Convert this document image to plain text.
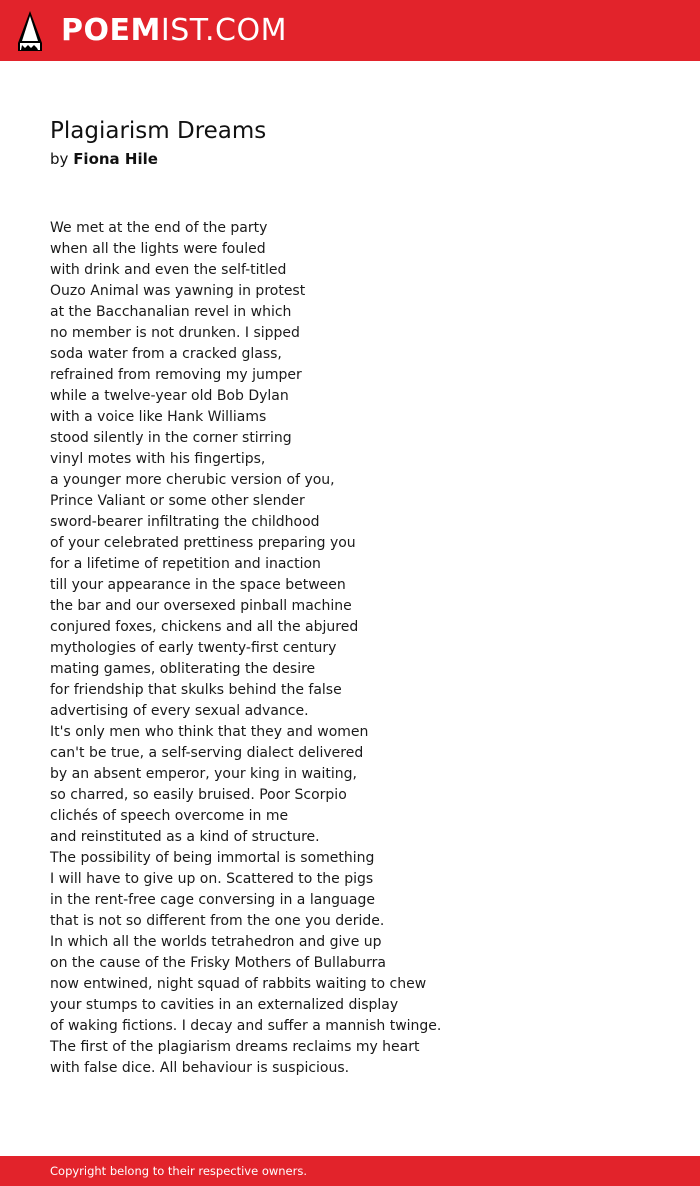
POEMIST.COM
Plagiarism Dreams
by Fiona Hile
We met at the end of the party
when all the lights were fouled
with drink and even the self-titled
Ouzo Animal was yawning in protest
at the Bacchanalian revel in which
no member is not drunken. I sipped
soda water from a cracked glass,
refrained from removing my jumper
while a twelve-year old Bob Dylan
with a voice like Hank Williams
stood silently in the corner stirring
vinyl motes with his fingertips,
a younger more cherubic version of you,
Prince Valiant or some other slender
sword-bearer infiltrating the childhood
of your celebrated prettiness preparing you
for a lifetime of repetition and inaction
till your appearance in the space between
the bar and our oversexed pinball machine
conjured foxes, chickens and all the abjured
mythologies of early twenty-first century
mating games, obliterating the desire
for friendship that skulks behind the false
advertising of every sexual advance.
It's only men who think that they and women
can't be true, a self-serving dialect delivered
by an absent emperor, your king in waiting,
so charred, so easily bruised. Poor Scorpio
clichés of speech overcome in me
and reinstituted as a kind of structure.
The possibility of being immortal is something
I will have to give up on. Scattered to the pigs
in the rent-free cage conversing in a language
that is not so different from the one you deride.
In which all the worlds tetrahedron and give up
on the cause of the Frisky Mothers of Bullaburra
now entwined, night squad of rabbits waiting to chew
your stumps to cavities in an externalized display
of waking fictions. I decay and suffer a mannish twinge.
The first of the plagiarism dreams reclaims my heart
with false dice. All behaviour is suspicious.
Copyright belong to their respective owners.
